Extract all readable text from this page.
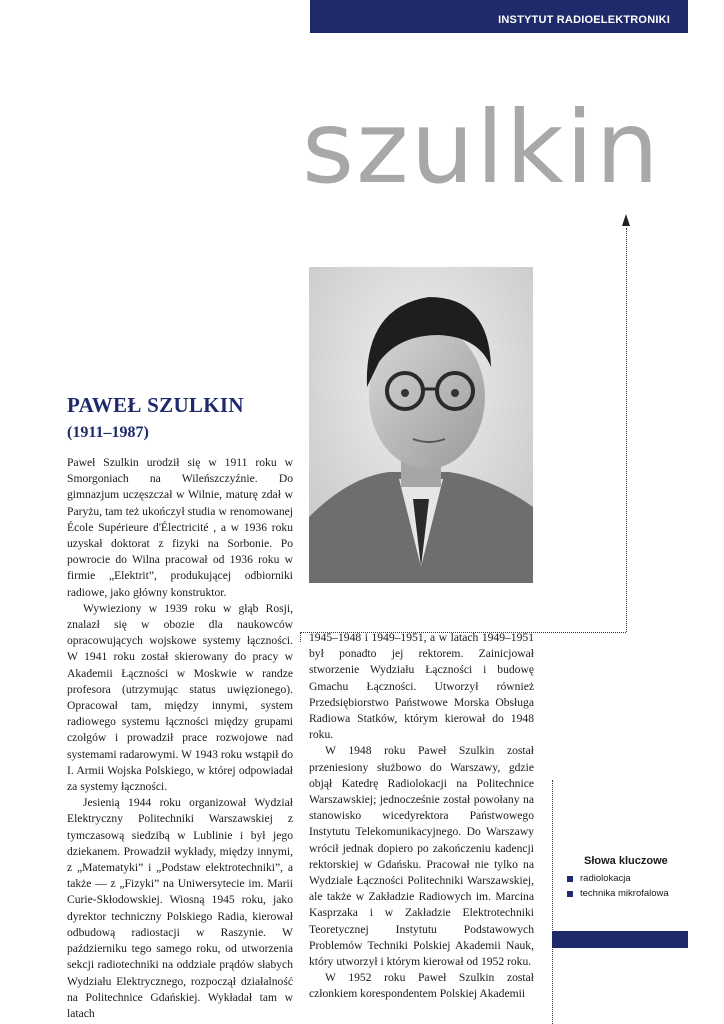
INSTYTUT RADIOELEKTRONIKI
szulkin
PAWEŁ SZULKIN
(1911–1987)

Paweł Szulkin urodził się w 1911 roku w Smorgoniach na Wileńszczyźnie. Do gimnazjum uczęszczał w Wilnie, maturę zdał w Paryżu, tam też ukończył studia w renomowanej École Supérieure d'Électricité , a w 1936 roku uzyskał doktorat z fizyki na Sorbonie. Po powrocie do Wilna pracował od 1936 roku w firmie „Elektrit”, produkującej odbiorniki radiowe, jako główny konstruktor.

Wywieziony w 1939 roku w głąb Rosji, znalazł się w obozie dla naukowców opracowujących wojskowe systemy łączności. W 1941 roku został skierowany do pracy w Akademii Łączności w Moskwie w randze profesora (utrzymując status uwięzionego). Opracował tam, między innymi, system radiowego systemu łączności między grupami czołgów i prowadził prace rozwojowe nad systemami radarowymi. W 1943 roku wstąpił do I. Armii Wojska Polskiego, w której odpowiadał za systemy łączności.

Jesienią 1944 roku organizował Wydział Elektryczny Politechniki Warszawskiej z tymczasową siedzibą w Lublinie i był jego dziekanem. Prowadził wykłady, między innymi, z „Matematyki” i „Podstaw elektrotechniki”, a także — z „Fizyki” na Uniwersytecie im. Marii Curie-Skłodowskiej. Wiosną 1945 roku, jako dyrektor techniczny Polskiego Radia, kierował odbudową radiostacji w Raszynie. W październiku tego samego roku, od utworzenia sekcji radiotechniki na oddziale prądów słabych Wydziału Elektrycznego, rozpoczął działalność na Politechnice Gdańskiej. Wykładał tam w latach

1945–1948 i 1949–1951, a w latach 1949–1951 był ponadto jej rektorem. Zainicjował stworzenie Wydziału Łączności i budowę Gmachu Łączności. Utworzył również Przedsiębiorstwo Państwowe Morska Obsługa Radiowa Statków, którym kierował do 1948 roku.

W 1948 roku Paweł Szulkin został przeniesiony służbowo do Warszawy, gdzie objął Katedrę Radiolokacji na Politechnice Warszawskiej; jednocześnie został powołany na stanowisko wicedyrektora Państwowego Instytutu Telekomunikacyjnego. Do Warszawy wrócił jednak dopiero po zakończeniu kadencji rektorskiej w Gdańsku. Pracował nie tylko na Wydziale Łączności Politechniki Warszawskiej, ale także w Zakładzie Radiowych im. Marcina Kasprzaka i w Zakładzie Elektrotechniki Teoretycznej Instytutu Podstawowych Problemów Techniki Polskiej Akademii Nauk, który utworzył i którym kierował od 1952 roku.

W 1952 roku Paweł Szulkin został członkiem korespondentem Polskiej Akademii

Słowa kluczowe
radiolokacja
technika mikrofalowa
